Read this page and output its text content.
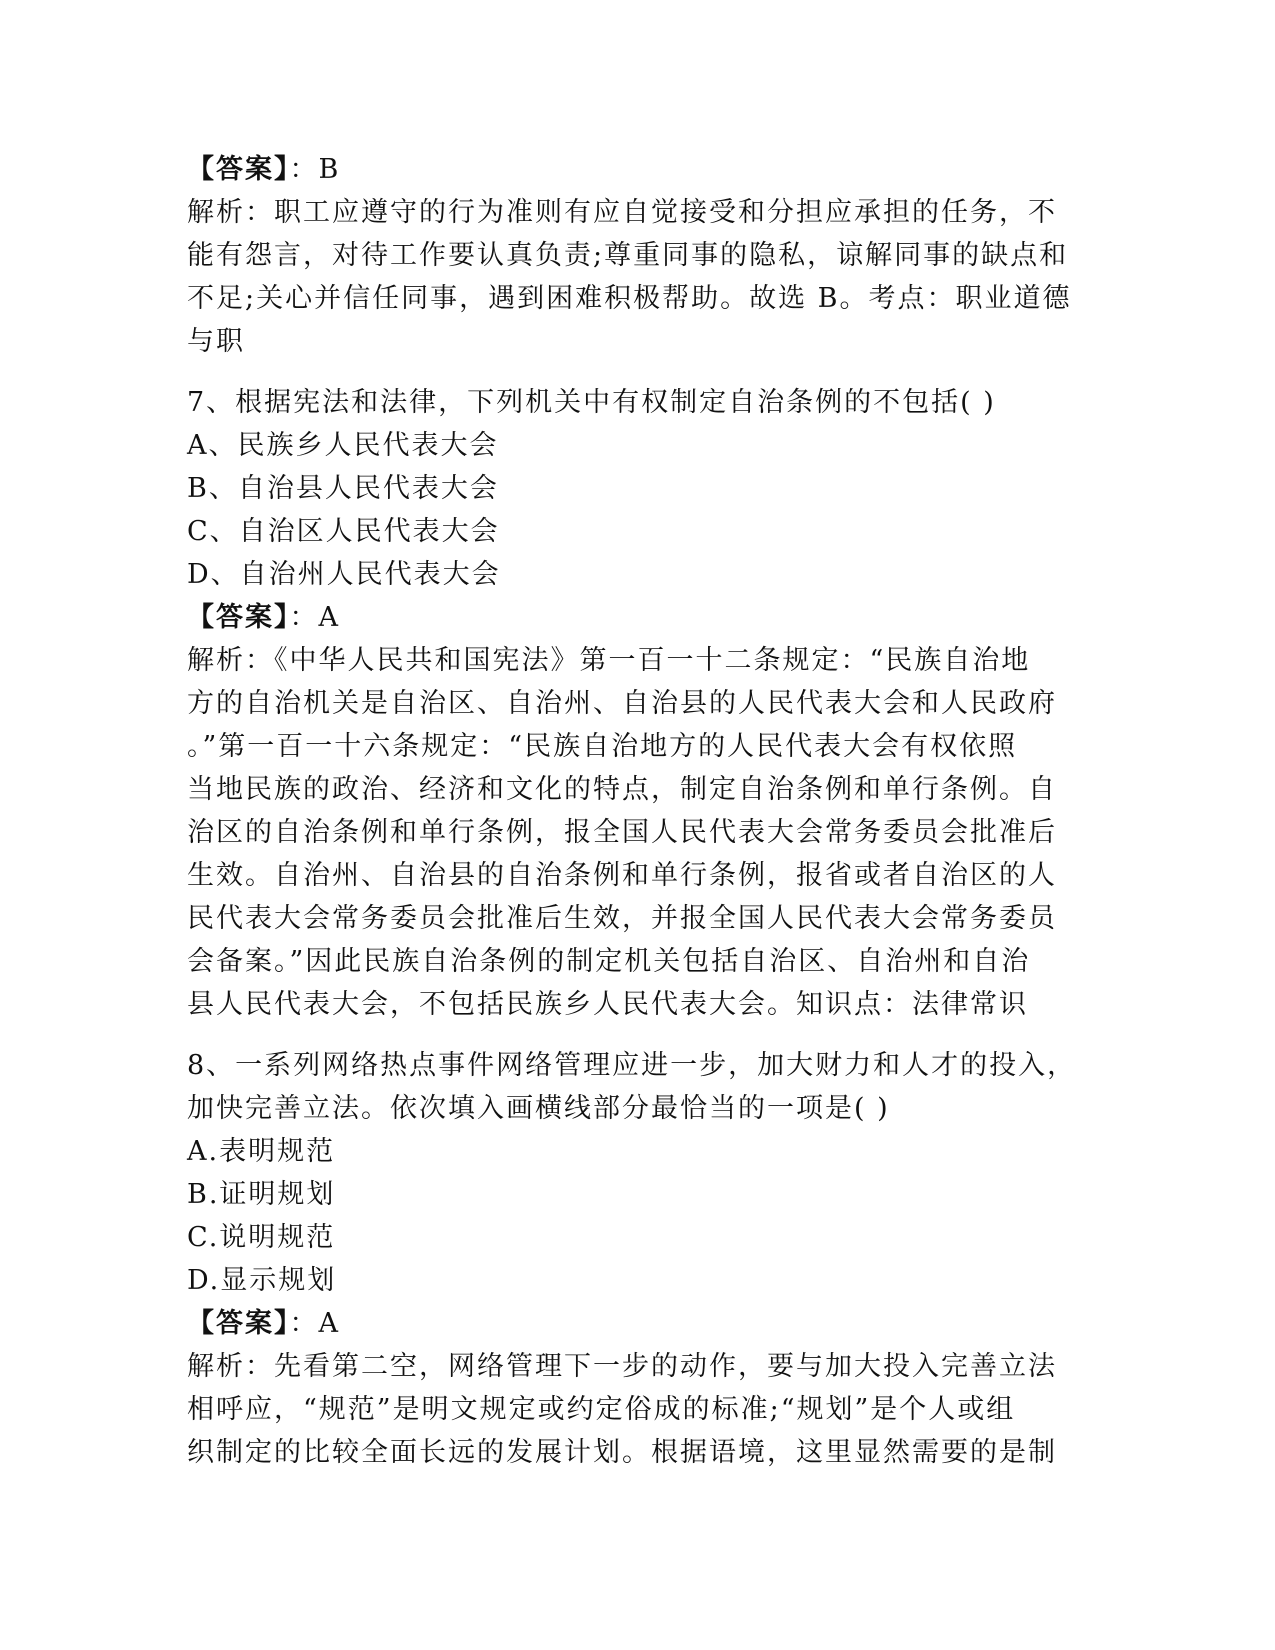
【答案】：B
解析：职工应遵守的行为准则有应自觉接受和分担应承担的任务，不
能有怨言，对待工作要认真负责;尊重同事的隐私，谅解同事的缺点和
不足;关心并信任同事，遇到困难积极帮助。故选 B。考点：职业道德
与职
7、根据宪法和法律，下列机关中有权制定自治条例的不包括( )
A、民族乡人民代表大会
B、自治县人民代表大会
C、自治区人民代表大会
D、自治州人民代表大会
【答案】：A
解析：《中华人民共和国宪法》第一百一十二条规定：“民族自治地
方的自治机关是自治区、自治州、自治县的人民代表大会和人民政府
。”第一百一十六条规定：“民族自治地方的人民代表大会有权依照
当地民族的政治、经济和文化的特点，制定自治条例和单行条例。自
治区的自治条例和单行条例，报全国人民代表大会常务委员会批准后
生效。自治州、自治县的自治条例和单行条例，报省或者自治区的人
民代表大会常务委员会批准后生效，并报全国人民代表大会常务委员
会备案。”因此民族自治条例的制定机关包括自治区、自治州和自治
县人民代表大会，不包括民族乡人民代表大会。知识点：法律常识
8、一系列网络热点事件网络管理应进一步，加大财力和人才的投入，
加快完善立法。依次填入画横线部分最恰当的一项是( )
A.表明规范
B.证明规划
C.说明规范
D.显示规划
【答案】：A
解析：先看第二空，网络管理下一步的动作，要与加大投入完善立法
相呼应，“规范”是明文规定或约定俗成的标准;“规划”是个人或组
织制定的比较全面长远的发展计划。根据语境，这里显然需要的是制
